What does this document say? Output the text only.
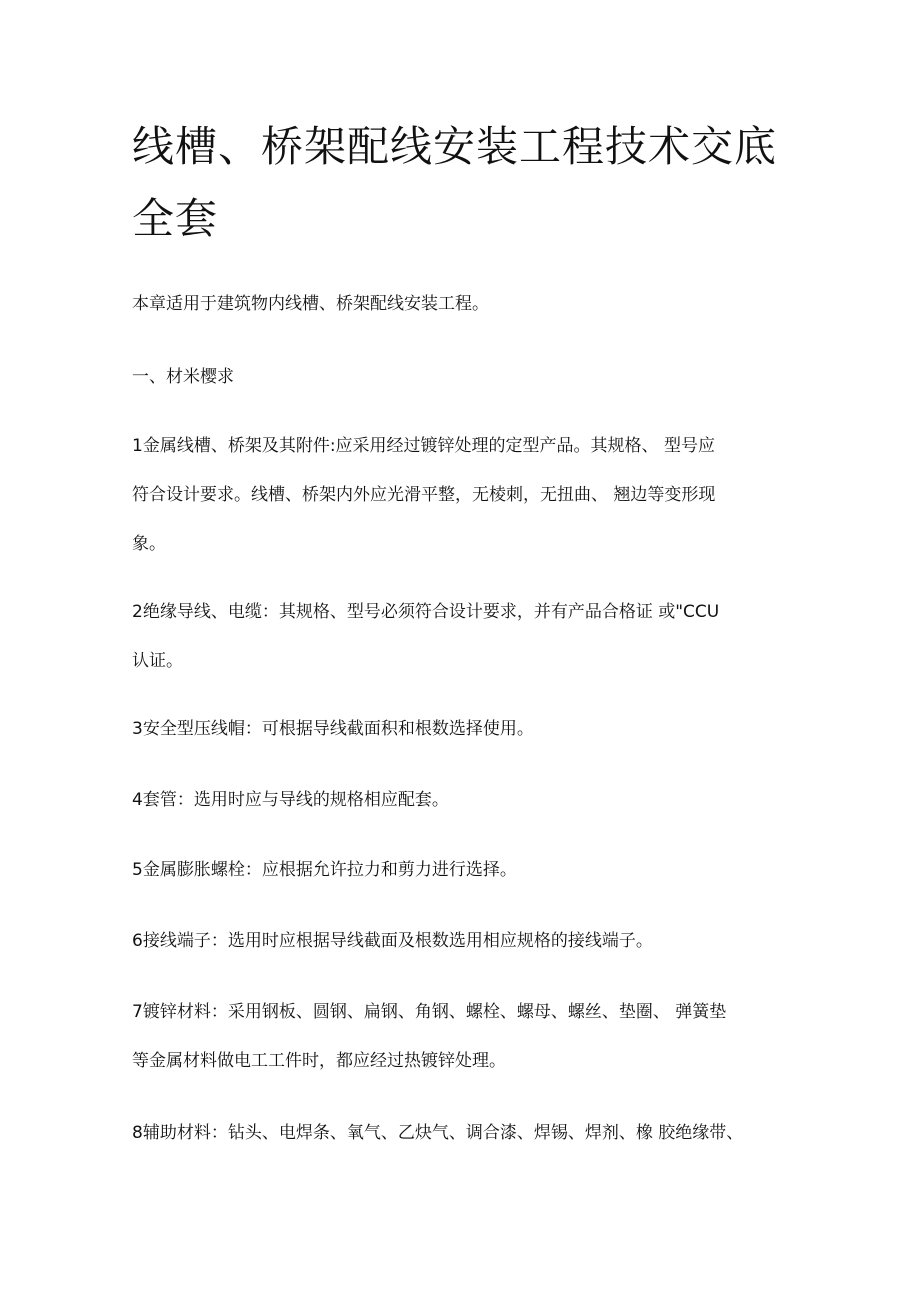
线槽、桥架配线安装工程技术交底
全套

本章适用于建筑物内线槽、桥架配线安装工程。

一、材米樱求

1金属线槽、桥架及其附件:应采用经过镀锌处理的定型产品。其规格、 型号应

符合设计要求。线槽、桥架内外应光滑平整，无棱刺，无扭曲、 翘边等变形现

象。

2绝缘导线、电缆：其规格、型号必须符合设计要求，并有产品合格证 或"CCU

认证。

3安全型压线帽：可根据导线截面积和根数选择使用。

4套管：选用时应与导线的规格相应配套。

5金属膨胀螺栓：应根据允许拉力和剪力进行选择。

6接线端子：选用时应根据导线截面及根数选用相应规格的接线端子。

7镀锌材料：采用钢板、圆钢、扁钢、角钢、螺栓、螺母、螺丝、垫圈、 弹簧垫

等金属材料做电工工件时，都应经过热镀锌处理。

8辅助材料：钻头、电焊条、氧气、乙炔气、调合漆、焊锡、焊剂、橡 胶绝缘带、
